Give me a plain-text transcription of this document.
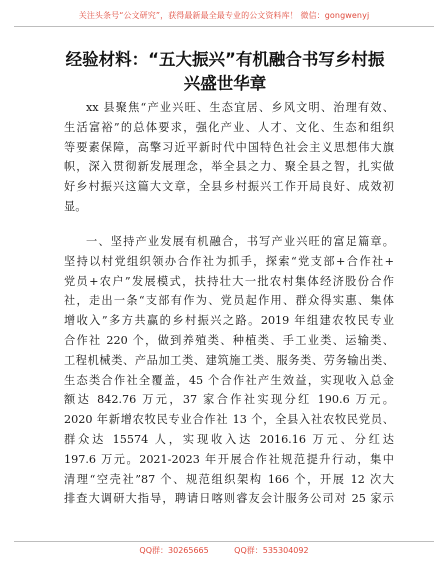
关注头条号“公文研究”，获得最新最全最专业的公文资料库！ 微信：gongwenyj
经验材料：“五大振兴”有机融合书写乡村振
兴盛世华章
xx 县聚焦“产业兴旺、生态宜居、乡风文明、治理有效、
生活富裕”的总体要求，强化产业、人才、文化、生态和组织
等要素保障，高擎习近平新时代中国特色社会主义思想伟大旗
帜，深入贯彻新发展理念，举全县之力、聚全县之智，扎实做
好乡村振兴这篇大文章，全县乡村振兴工作开局良好、成效初
显。
一、坚持产业发展有机融合，书写产业兴旺的富足篇章。
坚持以村党组织领办合作社为抓手，探索“党支部+合作社+
党员+农户”发展模式，扶持壮大一批农村集体经济股份合作
社，走出一条“支部有作为、党员起作用、群众得实惠、集体
增收入”多方共赢的乡村振兴之路。2019 年组建农牧民专业
合作社 220 个，做到养殖类、种植类、手工业类、运输类、
工程机械类、产品加工类、建筑施工类、服务类、劳务输出类、
生态类合作社全覆盖，45 个合作社产生效益，实现收入总金
额达 842.76 万元，37 家合作社实现分红 190.6 万元。
2020 年新增农牧民专业合作社 13 个，全县入社农牧民党员、
群众达 15574 人，实现收入达 2016.16 万元、分红达
197.6 万元。2021-2023 年开展合作社规范提升行动，集中
清理“空壳社”87 个、规范组织架构 166 个，开展 12 次大
排查大调研大指导，聘请日喀则睿友会计服务公司对 25 家示
QQ群：30265665          QQ群：535304092
